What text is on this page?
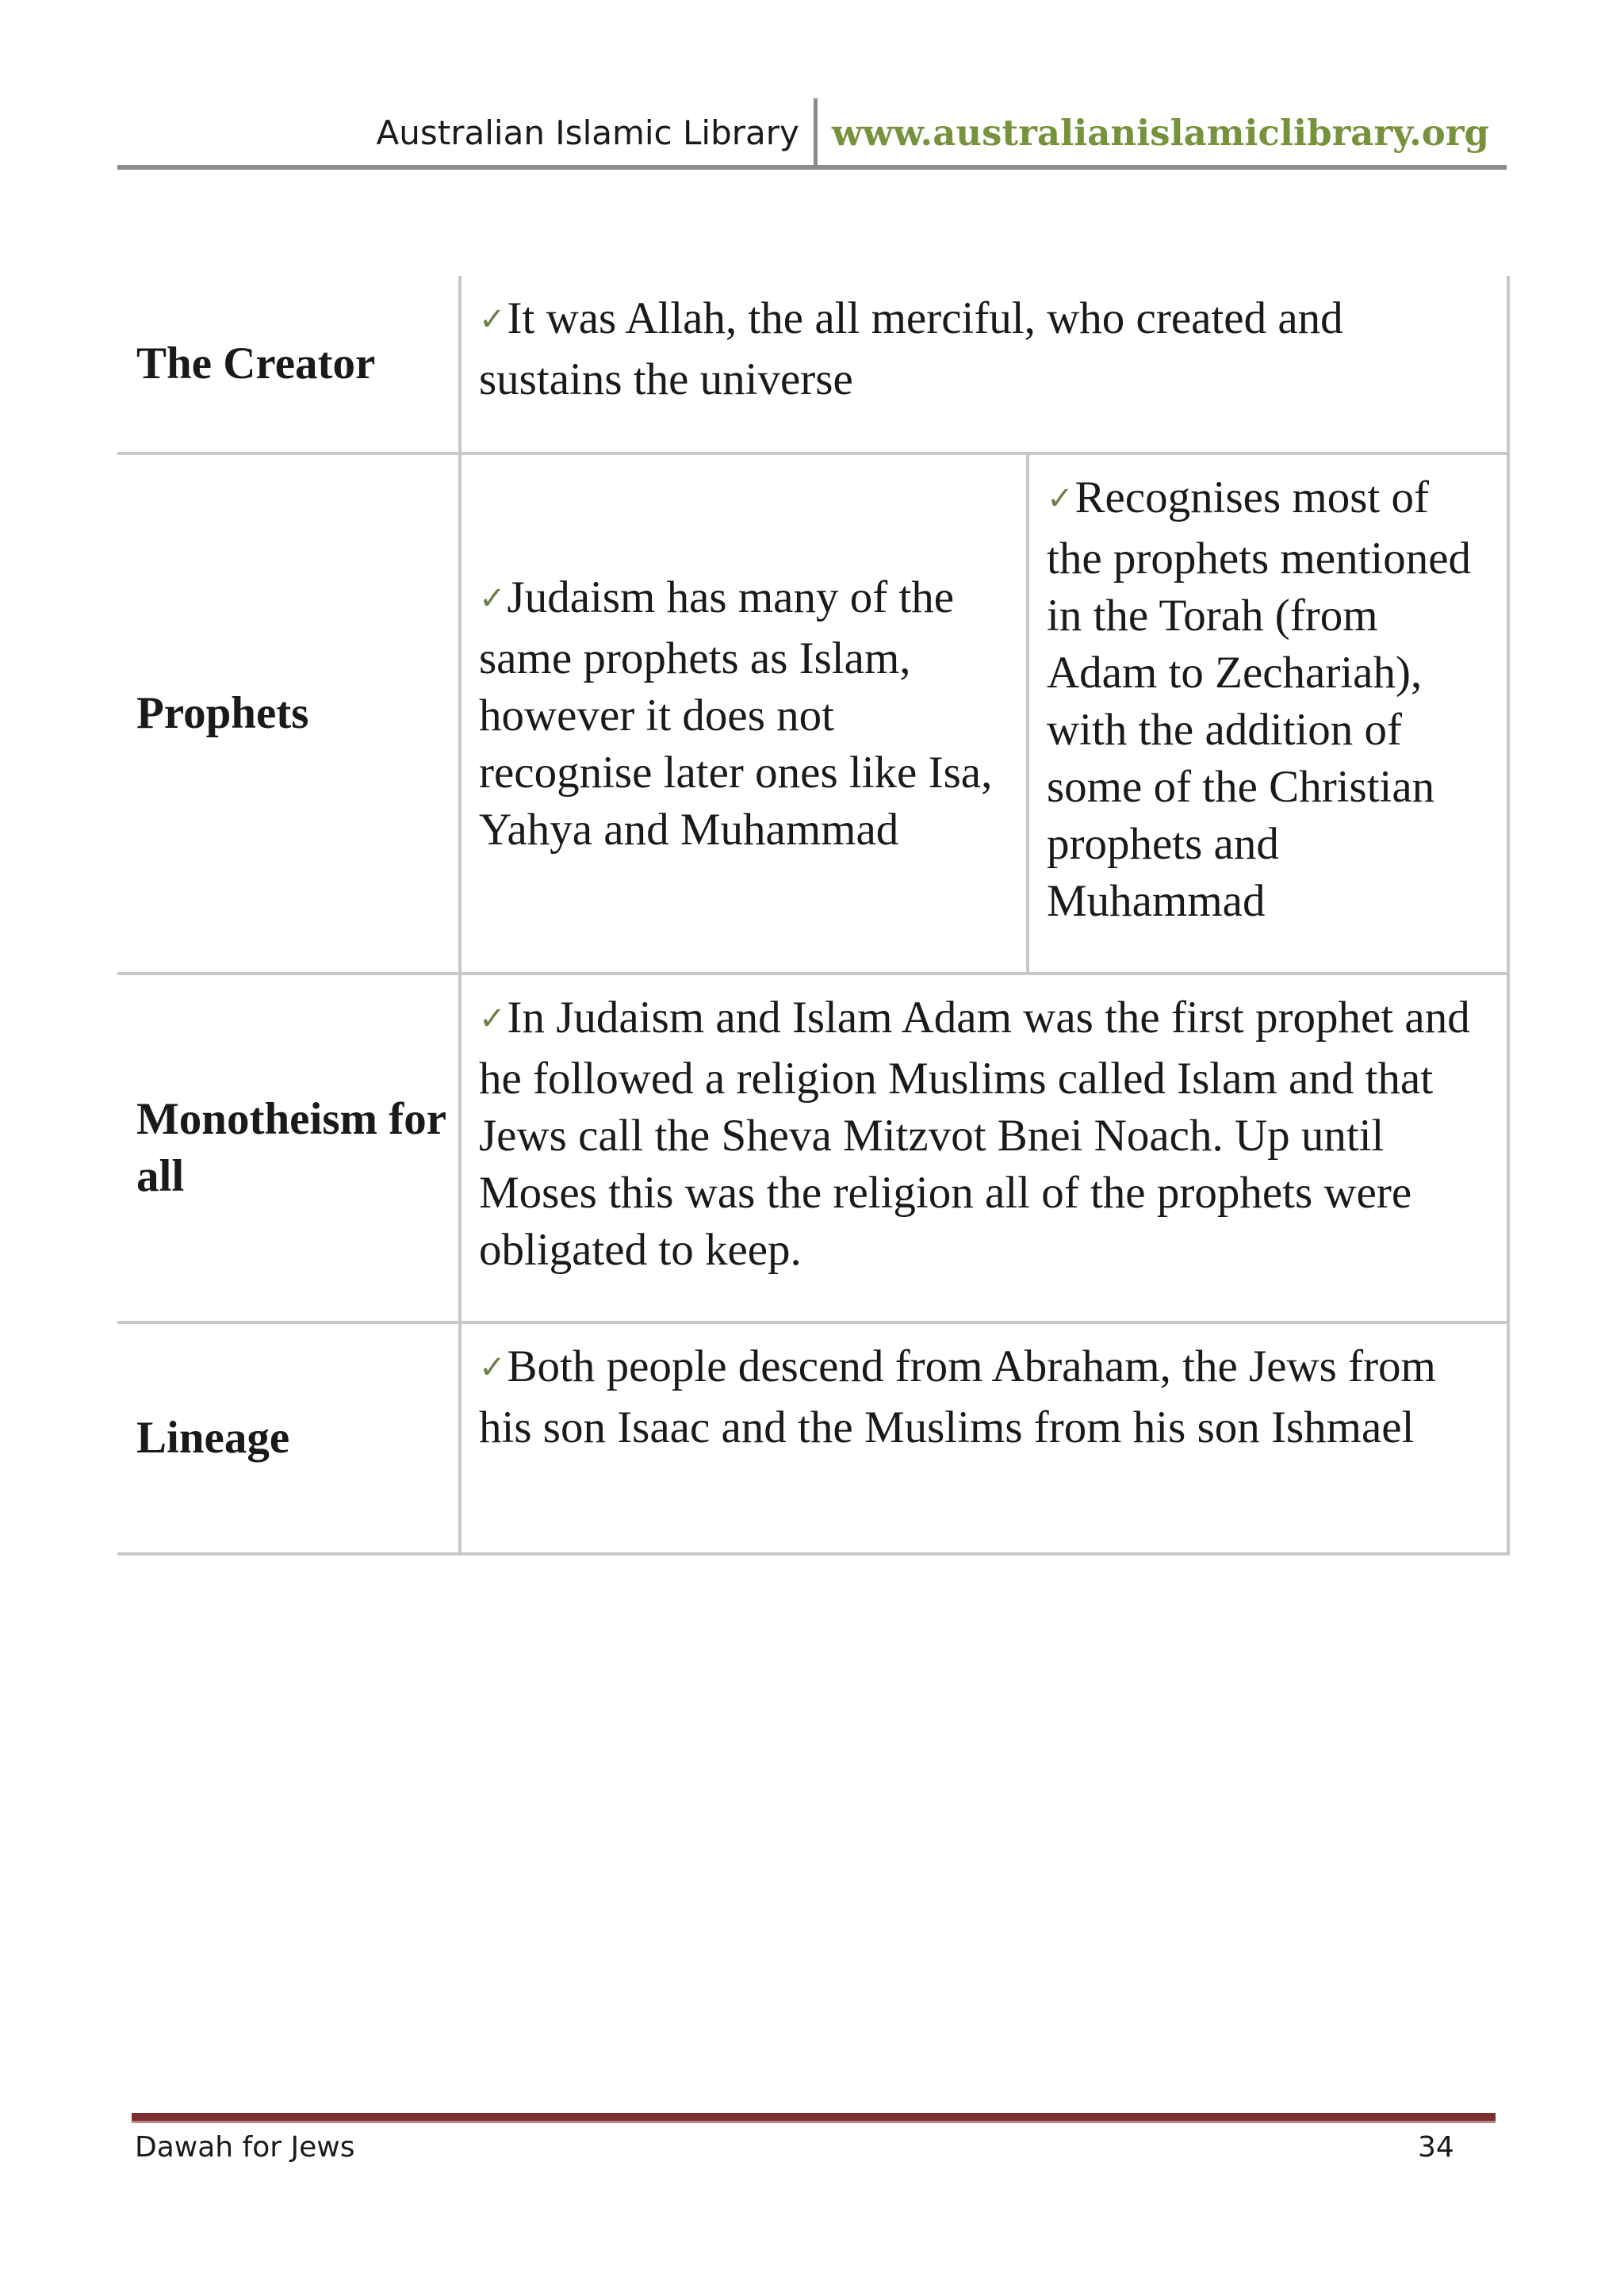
Australian Islamic Library www.australianislamiclibrary.org
The Creator	✓It was Allah, the all merciful, who created and sustains the universe	
Prophets	✓Judaism has many of the same prophets as Islam, however it does not recognise later ones like Isa, Yahya and Muhammad	✓Recognises most of the prophets mentioned in the Torah (from Adam to Zechariah), with the addition of some of the Christian prophets and Muhammad
Monotheism for all	✓In Judaism and Islam Adam was the first prophet and he followed a religion Muslims called Islam and that Jews call the Sheva Mitzvot Bnei Noach. Up until Moses this was the religion all of the prophets were obligated to keep.	
Lineage	✓Both people descend from Abraham, the Jews from his son Isaac and the Muslims from his son Ishmael	
Dawah for Jews	34
